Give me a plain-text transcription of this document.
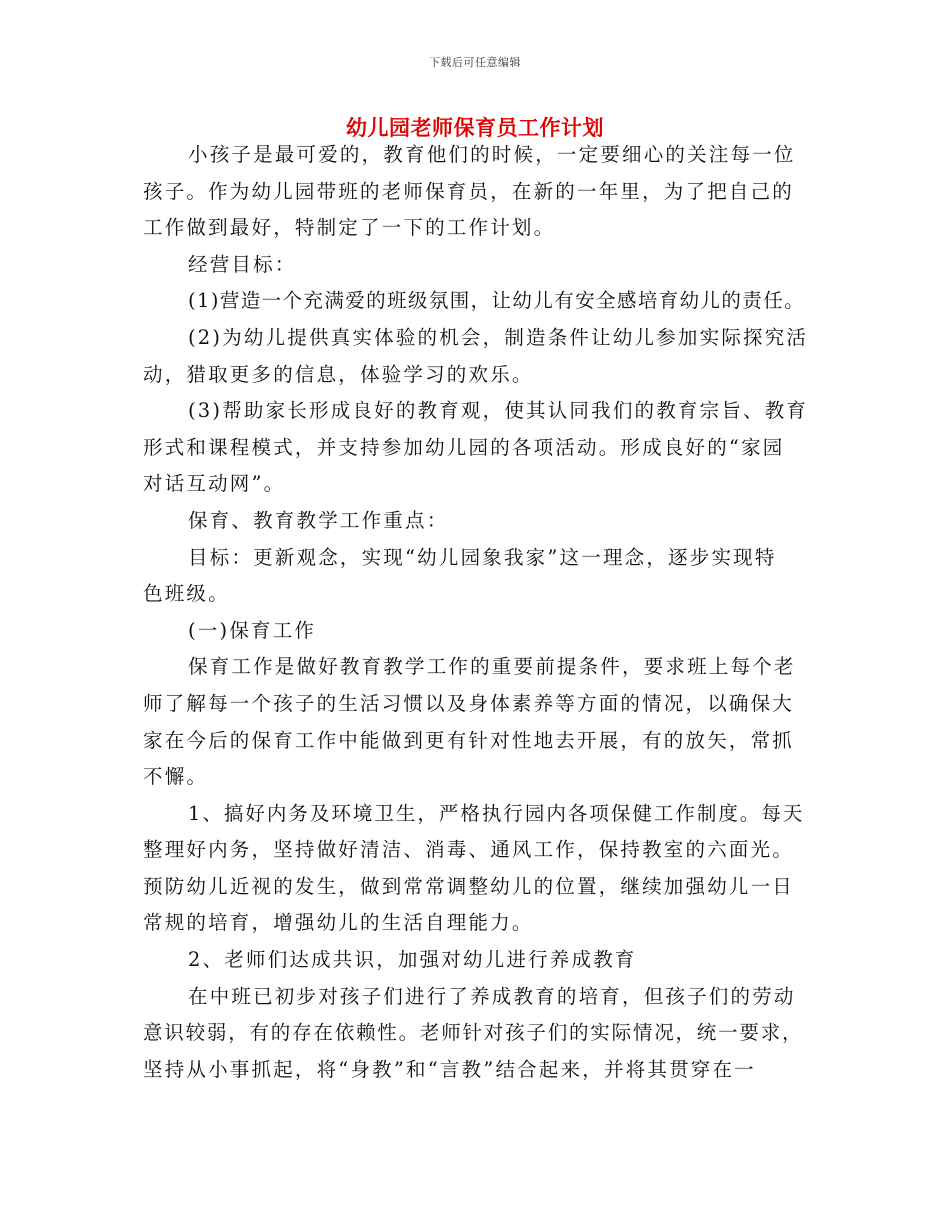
下载后可任意编辑
幼儿园老师保育员工作计划
小孩子是最可爱的，教育他们的时候，一定要细心的关注每一位
孩子。作为幼儿园带班的老师保育员，在新的一年里，为了把自己的
工作做到最好，特制定了一下的工作计划。
经营目标：
(1)营造一个充满爱的班级氛围，让幼儿有安全感培育幼儿的责任。
(2)为幼儿提供真实体验的机会，制造条件让幼儿参加实际探究活
动，猎取更多的信息，体验学习的欢乐。
(3)帮助家长形成良好的教育观，使其认同我们的教育宗旨、教育
形式和课程模式，并支持参加幼儿园的各项活动。形成良好的“家园
对话互动网”。
保育、教育教学工作重点：
目标：更新观念，实现“幼儿园象我家”这一理念，逐步实现特
色班级。
(一)保育工作
保育工作是做好教育教学工作的重要前提条件，要求班上每个老
师了解每一个孩子的生活习惯以及身体素养等方面的情况，以确保大
家在今后的保育工作中能做到更有针对性地去开展，有的放矢，常抓
不懈。
1、搞好内务及环境卫生，严格执行园内各项保健工作制度。每天
整理好内务，坚持做好清洁、消毒、通风工作，保持教室的六面光。
预防幼儿近视的发生，做到常常调整幼儿的位置，继续加强幼儿一日
常规的培育，增强幼儿的生活自理能力。
2、老师们达成共识，加强对幼儿进行养成教育
在中班已初步对孩子们进行了养成教育的培育，但孩子们的劳动
意识较弱，有的存在依赖性。老师针对孩子们的实际情况，统一要求，
坚持从小事抓起，将“身教”和“言教”结合起来，并将其贯穿在一
